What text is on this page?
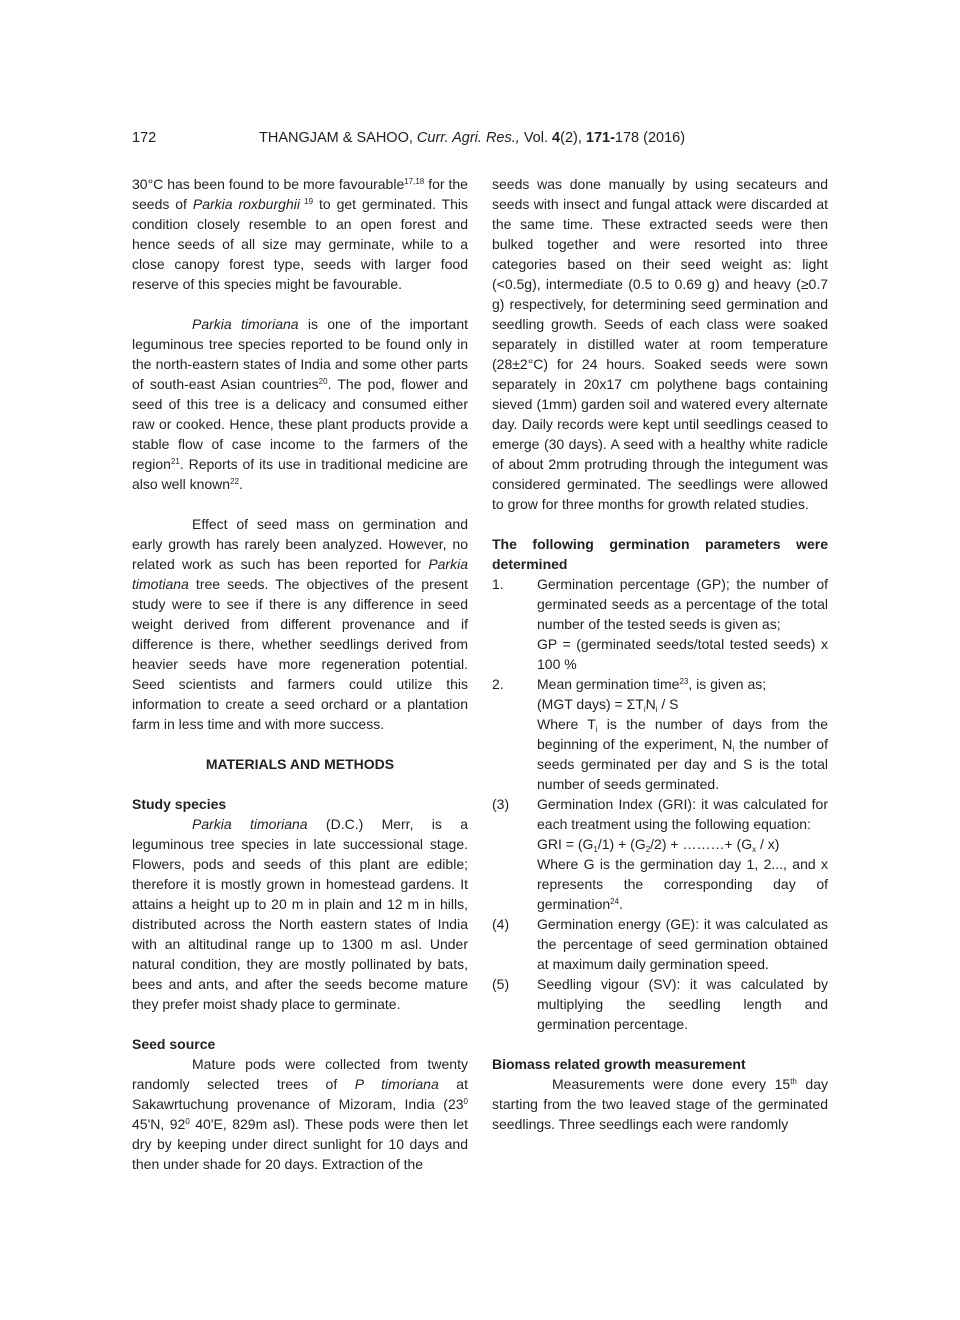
172	THANGJAM & SAHOO, Curr. Agri. Res., Vol. 4(2), 171-178 (2016)

30°C has been found to be more favourable$^{17,18}$ for the seeds of Parkia roxburghii $^{19}$ to get germinated. This condition closely resemble to an open forest and hence seeds of all size may germinate, while to a close canopy forest type, seeds with larger food reserve of this species might be favourable.

Parkia timoriana is one of the important leguminous tree species reported to be found only in the north-eastern states of India and some other parts of south-east Asian countries$^{20}$. The pod, flower and seed of this tree is a delicacy and consumed either raw or cooked. Hence, these plant products provide a stable flow of case income to the farmers of the region$^{21}$. Reports of its use in traditional medicine are also well known$^{22}$.

Effect of seed mass on germination and early growth has rarely been analyzed. However, no related work as such has been reported for Parkia timotiana tree seeds. The objectives of the present study were to see if there is any difference in seed weight derived from different provenance and if difference is there, whether seedlings derived from heavier seeds have more regeneration potential. Seed scientists and farmers could utilize this information to create a seed orchard or a plantation farm in less time and with more success.

MATERIALS AND METHODS

Study species

Parkia timoriana (D.C.) Merr, is a leguminous tree species in late successional stage. Flowers, pods and seeds of this plant are edible; therefore it is mostly grown in homestead gardens. It attains a height up to 20 m in plain and 12 m in hills, distributed across the North eastern states of India with an altitudinal range up to 1300 m asl. Under natural condition, they are mostly pollinated by bats, bees and ants, and after the seeds become mature they prefer moist shady place to germinate.

Seed source

Mature pods were collected from twenty randomly selected trees of P timoriana at Sakawrtuchung provenance of Mizoram, India ($23^0$ 45'N, $92^0$ 40'E, 829m asl). These pods were then let dry by keeping under direct sunlight for 10 days and then under shade for 20 days. Extraction of the

seeds was done manually by using secateurs and seeds with insect and fungal attack were discarded at the same time. These extracted seeds were then bulked together and were resorted into three categories based on their seed weight as: light (<0.5g), intermediate (0.5 to 0.69 g) and heavy (≥0.7 g) respectively, for determining seed germination and seedling growth. Seeds of each class were soaked separately in distilled water at room temperature (28±2°C) for 24 hours. Soaked seeds were sown separately in 20x17 cm polythene bags containing sieved (1mm) garden soil and watered every alternate day. Daily records were kept until seedlings ceased to emerge (30 days). A seed with a healthy white radicle of about 2mm protruding through the integument was considered germinated. The seedlings were allowed to grow for three months for growth related studies.

The following germination parameters were determined

1.	Germination percentage (GP); the number of germinated seeds as a percentage of the total number of the tested seeds is given as;

GP = (germinated seeds/total tested seeds) x 100 %

2.	Mean germination time$^{23}$, is given as;

(MGT days) = $\Sigma T_iN_i$ / S

Where $T_i$ is the number of days from the beginning of the experiment, $N_i$ the number of seeds germinated per day and S is the total number of seeds germinated.

(3)	Germination Index (GRI): it was calculated for each treatment using the following equation:

GRI = $(G_1/1) + (G_2/2)$ + ………+ $(G_x / x)$

Where G is the germination day 1, 2..., and x represents the corresponding day of germination$^{24}$.

(4)	Germination energy (GE): it was calculated as the percentage of seed germination obtained at maximum daily germination speed.

(5)	Seedling vigour (SV): it was calculated by multiplying the seedling length and germination percentage.

Biomass related growth measurement

Measurements were done every 15th day starting from the two leaved stage of the germinated seedlings. Three seedlings each were randomly
